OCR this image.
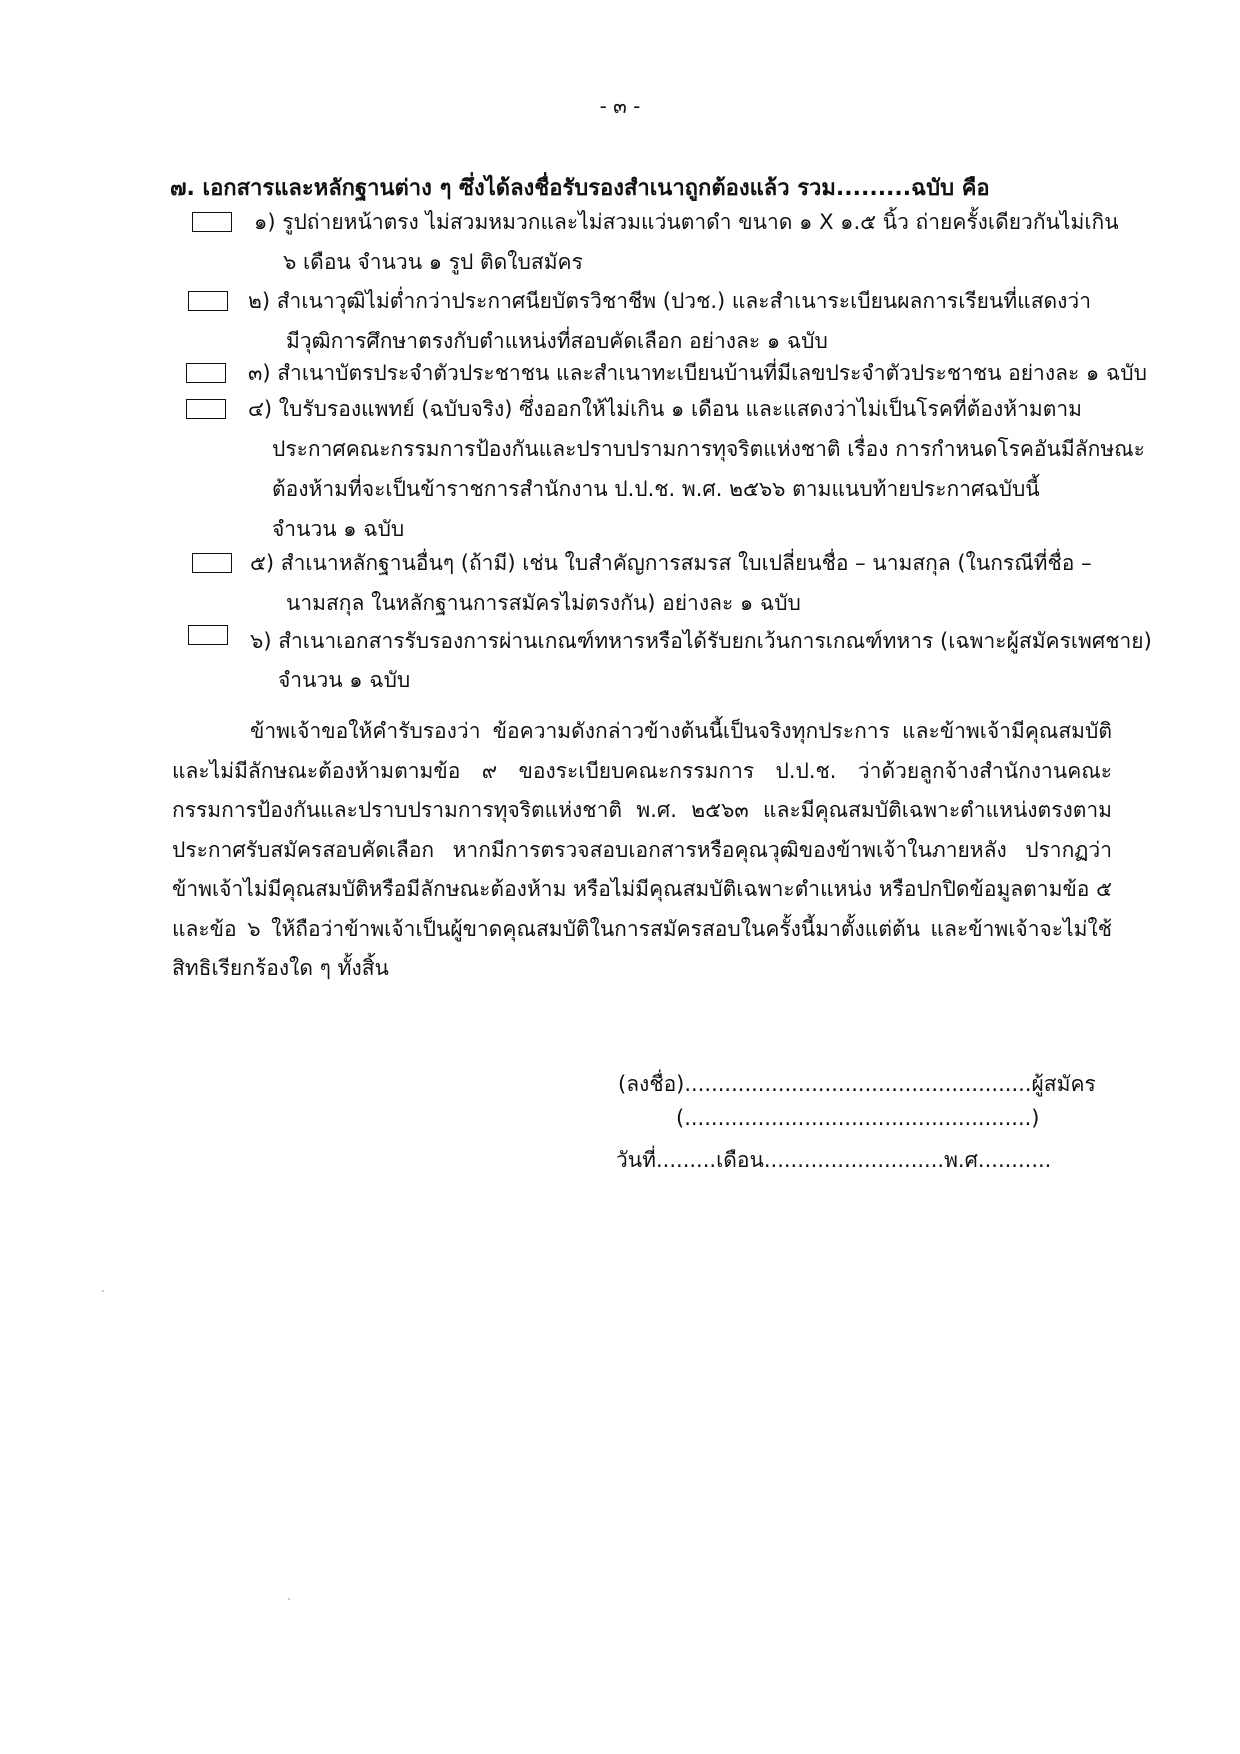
- ๓ -
๗. เอกสารและหลักฐานต่าง ๆ ซึ่งได้ลงชื่อรับรองสำเนาถูกต้องแล้ว รวม.........ฉบับ คือ
๑) รูปถ่ายหน้าตรง ไม่สวมหมวกและไม่สวมแว่นตาดำ ขนาด ๑ X ๑.๕ นิ้ว ถ่ายครั้งเดียวกันไม่เกิน
๖ เดือน จำนวน ๑ รูป ติดใบสมัคร
๒) สำเนาวุฒิไม่ต่ำกว่าประกาศนียบัตรวิชาชีพ (ปวช.) และสำเนาระเบียนผลการเรียนที่แสดงว่า
มีวุฒิการศึกษาตรงกับตำแหน่งที่สอบคัดเลือก อย่างละ ๑ ฉบับ
๓) สำเนาบัตรประจำตัวประชาชน และสำเนาทะเบียนบ้านที่มีเลขประจำตัวประชาชน อย่างละ ๑ ฉบับ
๔) ใบรับรองแพทย์ (ฉบับจริง) ซึ่งออกให้ไม่เกิน ๑ เดือน และแสดงว่าไม่เป็นโรคที่ต้องห้ามตาม
ประกาศคณะกรรมการป้องกันและปราบปรามการทุจริตแห่งชาติ เรื่อง การกำหนดโรคอันมีลักษณะ
ต้องห้ามที่จะเป็นข้าราชการสำนักงาน ป.ป.ช. พ.ศ. ๒๕๖๖ ตามแนบท้ายประกาศฉบับนี้
จำนวน ๑ ฉบับ
๕) สำเนาหลักฐานอื่นๆ (ถ้ามี) เช่น ใบสำคัญการสมรส ใบเปลี่ยนชื่อ – นามสกุล (ในกรณีที่ชื่อ –
นามสกุล ในหลักฐานการสมัครไม่ตรงกัน) อย่างละ ๑ ฉบับ
๖) สำเนาเอกสารรับรองการผ่านเกณฑ์ทหารหรือได้รับยกเว้นการเกณฑ์ทหาร (เฉพาะผู้สมัครเพศชาย)
จำนวน ๑ ฉบับ
ข้าพเจ้าขอให้คำรับรองว่า ข้อความดังกล่าวข้างต้นนี้เป็นจริงทุกประการ และข้าพเจ้ามีคุณสมบัติและไม่มีลักษณะต้องห้ามตามข้อ ๙ ของระเบียบคณะกรรมการ ป.ป.ช. ว่าด้วยลูกจ้างสำนักงานคณะกรรมการป้องกันและปราบปรามการทุจริตแห่งชาติ พ.ศ. ๒๕๖๓ และมีคุณสมบัติเฉพาะตำแหน่งตรงตามประกาศรับสมัครสอบคัดเลือก หากมีการตรวจสอบเอกสารหรือคุณวุฒิของข้าพเจ้าในภายหลัง ปรากฏว่าข้าพเจ้าไม่มีคุณสมบัติหรือมีลักษณะต้องห้าม หรือไม่มีคุณสมบัติเฉพาะตำแหน่ง หรือปกปิดข้อมูลตามข้อ ๕ และข้อ ๖ ให้ถือว่าข้าพเจ้าเป็นผู้ขาดคุณสมบัติในการสมัครสอบในครั้งนี้มาตั้งแต่ต้น และข้าพเจ้าจะไม่ใช้สิทธิเรียกร้องใด ๆ ทั้งสิ้น
(ลงชื่อ)....................................................ผู้สมัคร
(....................................................)
วันที่.........เดือน...........................พ.ศ...........
